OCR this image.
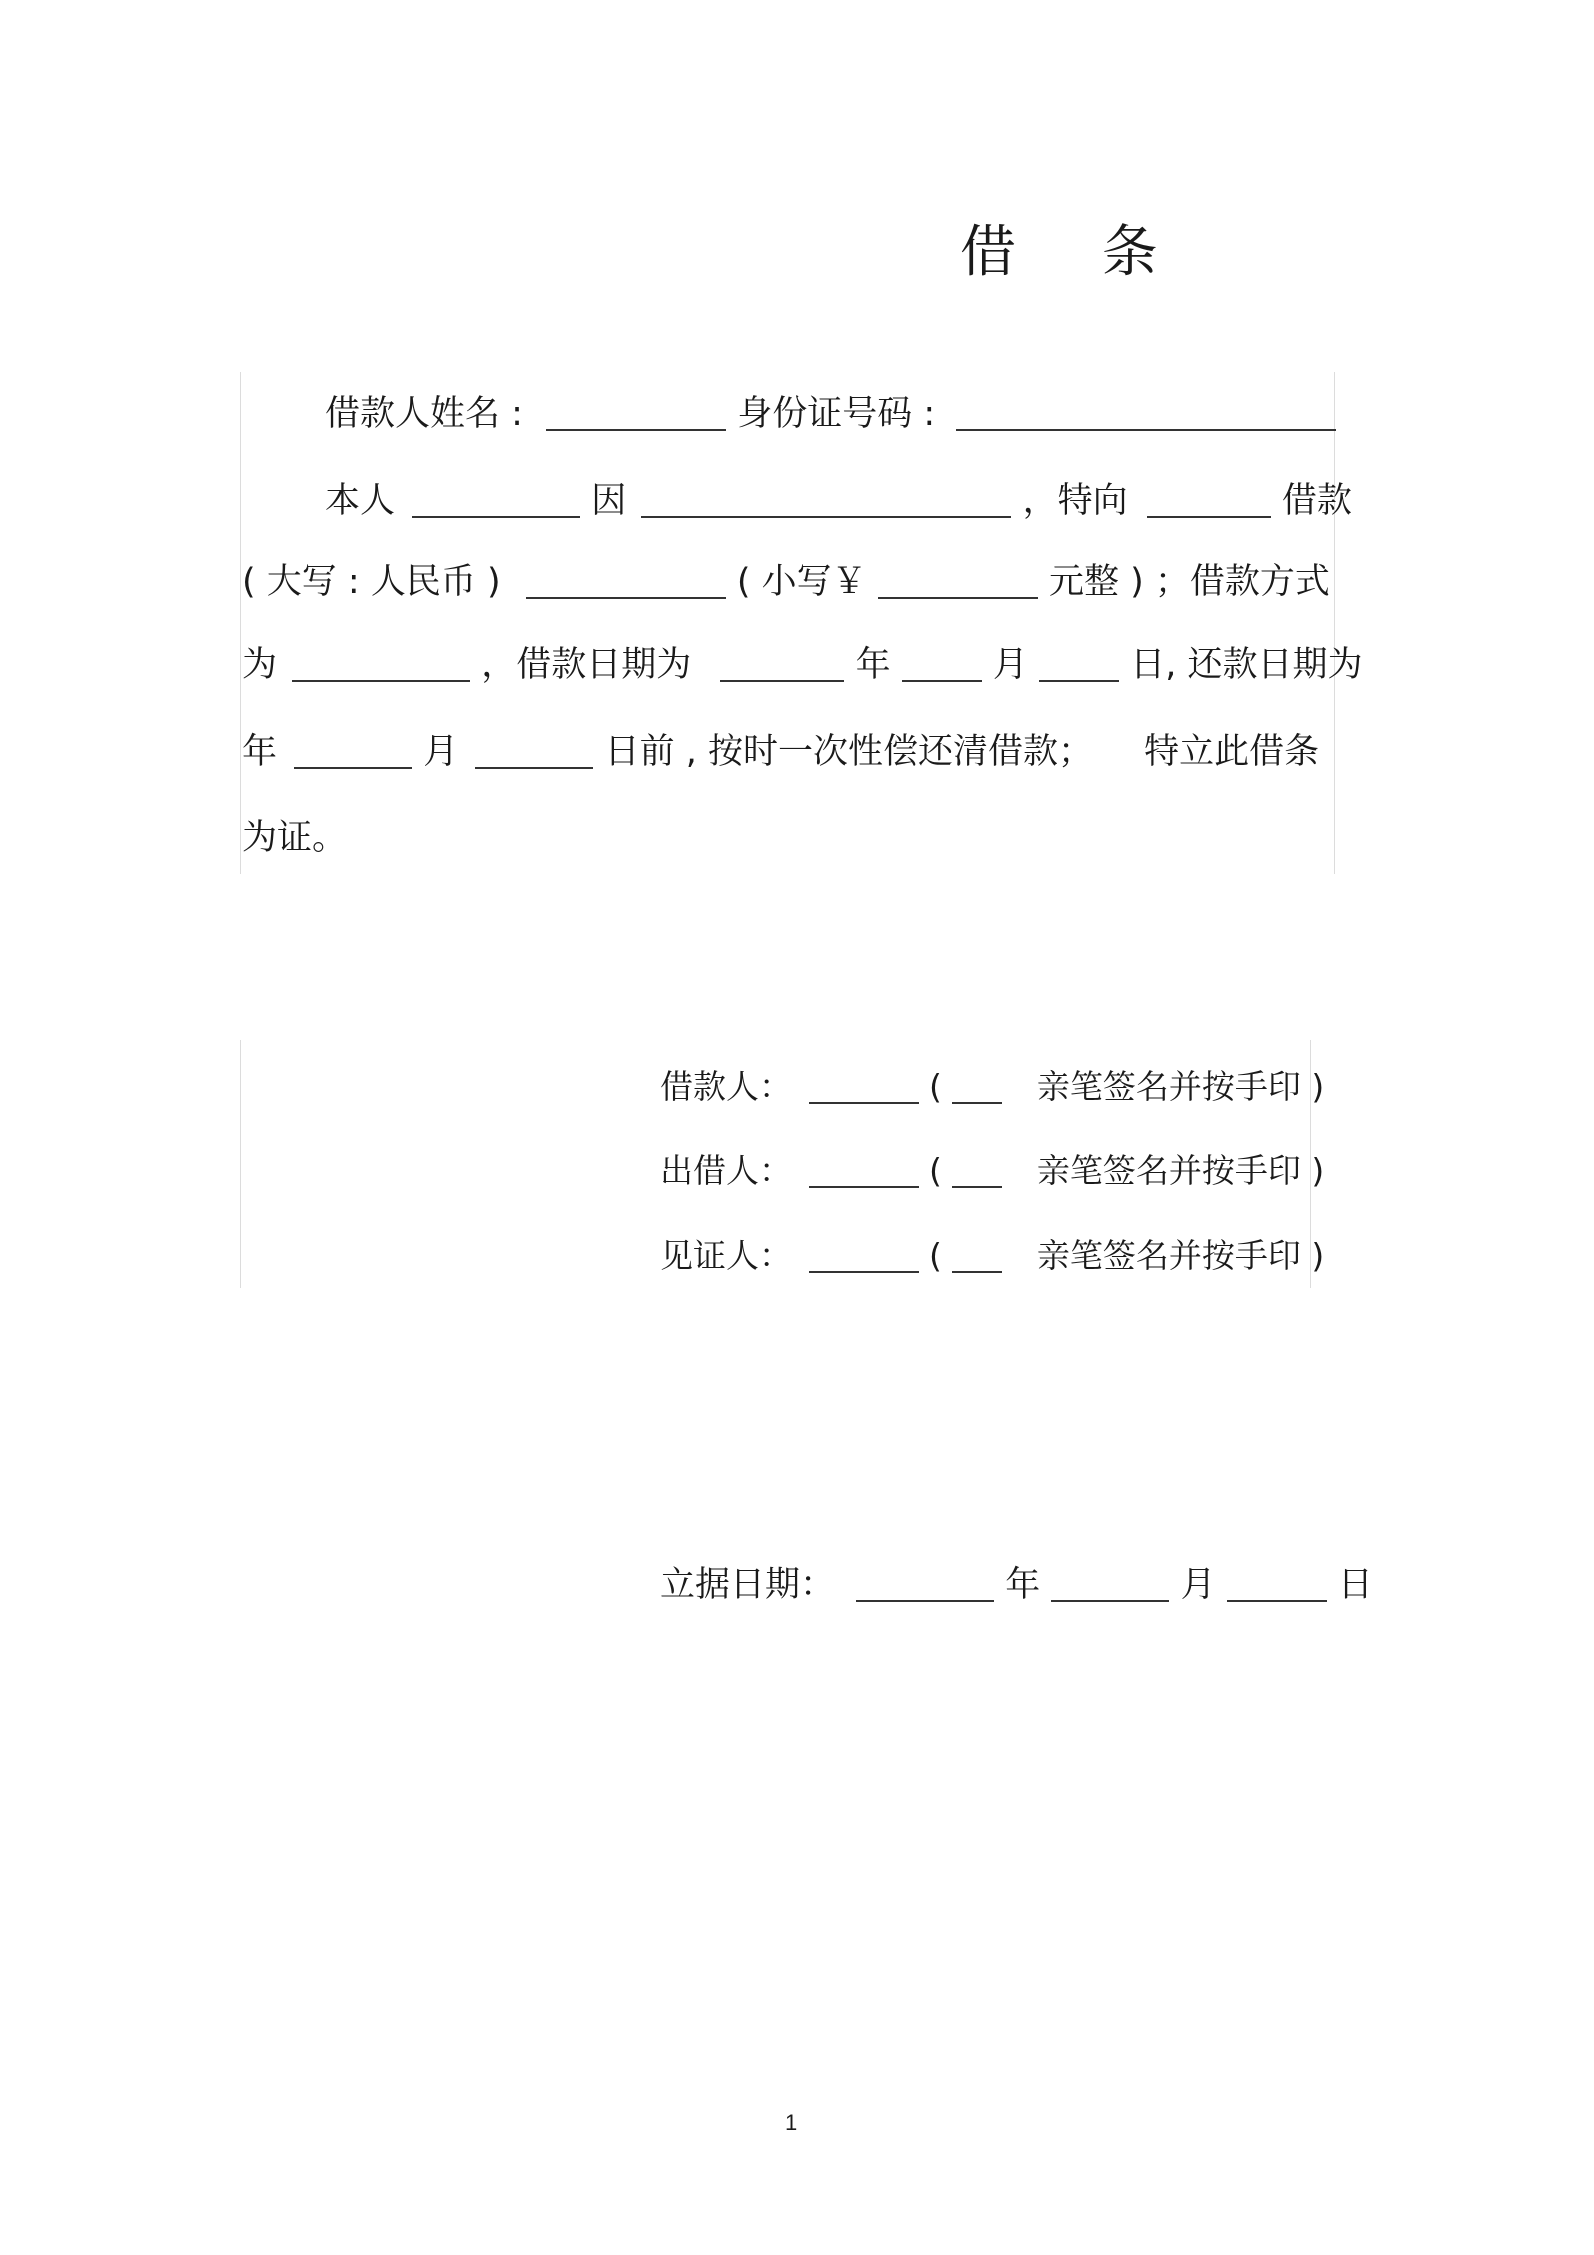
借 条
借款人姓名 :	身份证号码 :
本人	因	，特向	借款
( 大写 : 人民币 )	( 小写￥	元整 ) ；借款方式
为	，借款日期为	年	月	日, 还款日期为
年	月	日前 , 按时一次性偿还清借款； 特立此借条
为证。
借款人：	(	亲笔签名并按手印 )
出借人：	(	亲笔签名并按手印 )
见证人：	(	亲笔签名并按手印 )
立据日期：	年	月	日
1
